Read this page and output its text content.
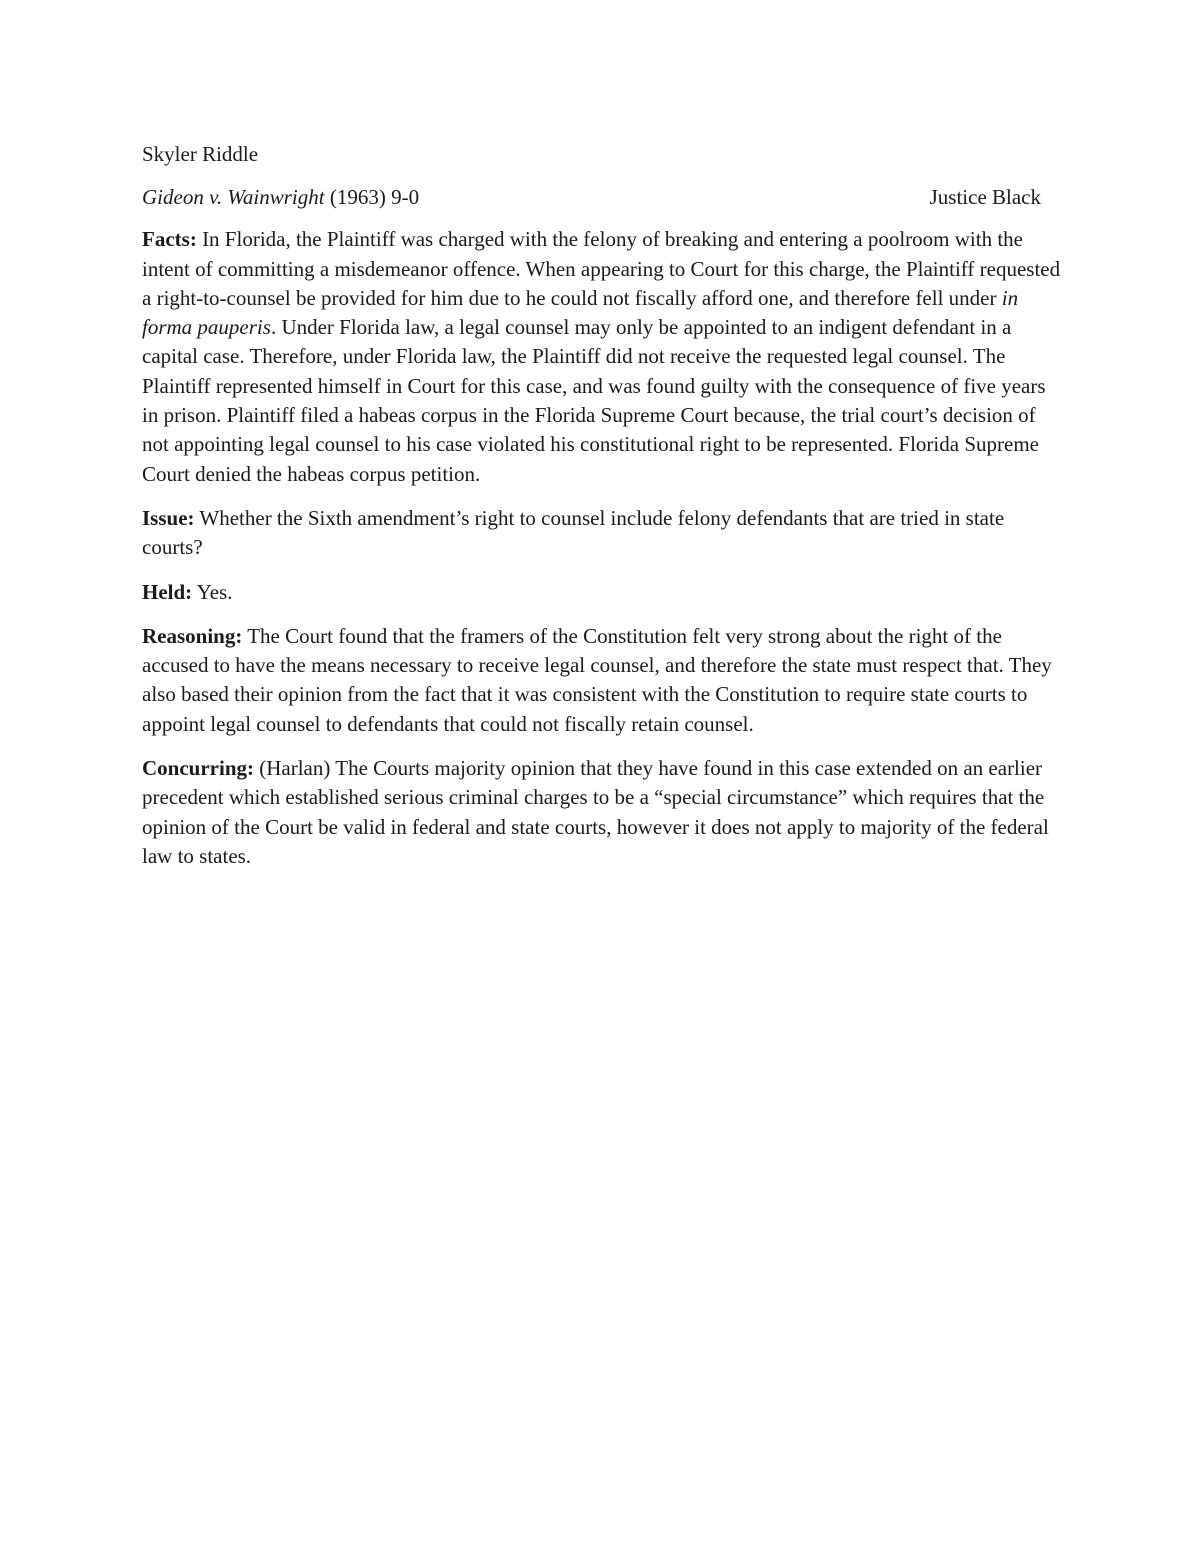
Skyler Riddle

Gideon v. Wainwright (1963) 9-0	Justice Black

Facts: In Florida, the Plaintiff was charged with the felony of breaking and entering a poolroom with the intent of committing a misdemeanor offence. When appearing to Court for this charge, the Plaintiff requested a right-to-counsel be provided for him due to he could not fiscally afford one, and therefore fell under in forma pauperis. Under Florida law, a legal counsel may only be appointed to an indigent defendant in a capital case. Therefore, under Florida law, the Plaintiff did not receive the requested legal counsel. The Plaintiff represented himself in Court for this case, and was found guilty with the consequence of five years in prison. Plaintiff filed a habeas corpus in the Florida Supreme Court because, the trial court’s decision of not appointing legal counsel to his case violated his constitutional right to be represented. Florida Supreme Court denied the habeas corpus petition.

Issue: Whether the Sixth amendment’s right to counsel include felony defendants that are tried in state courts?

Held: Yes.

Reasoning: The Court found that the framers of the Constitution felt very strong about the right of the accused to have the means necessary to receive legal counsel, and therefore the state must respect that. They also based their opinion from the fact that it was consistent with the Constitution to require state courts to appoint legal counsel to defendants that could not fiscally retain counsel.

Concurring: (Harlan) The Courts majority opinion that they have found in this case extended on an earlier precedent which established serious criminal charges to be a “special circumstance” which requires that the opinion of the Court be valid in federal and state courts, however it does not apply to majority of the federal law to states.
